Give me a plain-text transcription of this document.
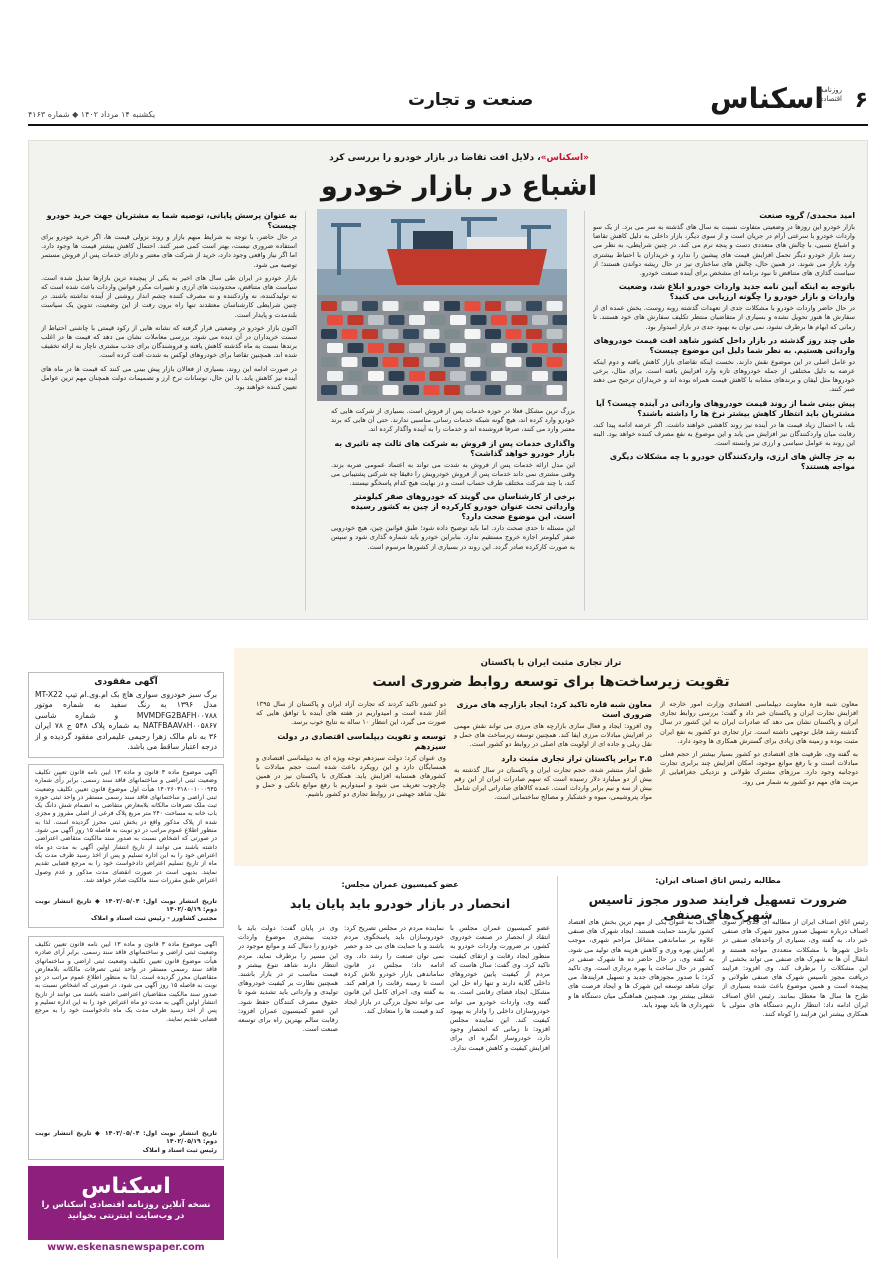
۶
اسکناس
روزنامه اقتصادی
صنعت و تجارت
یکشنبه ۱۴ مرداد ۱۴۰۲ ◆ شماره ۴۱۶۳
«اسکناس»، دلایل افت تقاضا در بازار خودرو را بررسی کرد
اشباع در بازار خودرو
امید محمدی/ گروه صنعت
بازار خودرو این روزها در وضعیتی متفاوت نسبت به سال های گذشته به سر می برد. از یک سو واردات خودرو با سرعتی آرام در جریان است و از سوی دیگر، بازار داخلی به دلیل کاهش تقاضا و اشباع نسبی، با چالش های متعددی دست و پنجه نرم می کند. در چنین شرایطی، به نظر می رسد بازار خودرو دیگر تحمل افزایش قیمت های پیشین را ندارد و خریداران با احتیاط بیشتری وارد بازار می شوند. در همین حال، چالش های ساختاری نیز در حال ریشه دواندن هستند؛ از سیاست گذاری های متناقض تا نبود برنامه ای مشخص برای آینده صنعت خودرو.
باتوجه به اینکه آیین نامه جدید واردات خودرو ابلاغ شد، وضعیت واردات و بازار خودرو را چگونه ارزیابی می کنید؟
در حال حاضر واردات خودرو با مشکلات جدی از تعهدات گذشته روبه روست. بخش عمده ای از سفارش ها هنوز تحویل نشده و بسیاری از متقاضیان منتظر تکلیف سفارش های خود هستند. تا زمانی که ابهام ها برطرف نشود، نمی توان به بهبود جدی در بازار امیدوار بود.
طی چند روز گذشته در بازار داخل کشور شاهد افت قیمت خودروهای وارداتی هستیم. به نظر شما دلیل این موضوع چیست؟
دو عامل اصلی در این موضوع نقش دارند. نخست اینکه تقاضای بازار کاهش یافته و دوم اینکه عرضه به دلیل مختلفی از جمله خودروهای تازه وارد افزایش یافته است. برای مثال، برخی خودروها مثل لیفان و برندهای مشابه با کاهش قیمت همراه بوده اند و خریداران ترجیح می دهند صبر کنند.
پیش بینی شما از روند قیمت خودروهای وارداتی در آینده چیست؟ آیا مشتریان باید انتظار کاهش بیشتر نرخ ها را داشته باشند؟
بله، با احتمال زیاد قیمت ها در آینده نیز روند کاهشی خواهند داشت. اگر عرضه ادامه پیدا کند، رقابت میان واردکنندگان نیز افزایش می یابد و این موضوع به نفع مصرف کننده خواهد بود. البته این روند به عوامل سیاسی و ارزی نیز وابسته است.
به جز چالش های ارزی، واردکنندگان خودرو با چه مشکلات دیگری مواجه هستند؟
بزرگ ترین مشکل فعلا در حوزه خدمات پس از فروش است. بسیاری از شرکت هایی که خودرو وارد کرده اند، هیچ گونه شبکه خدمات رسانی مناسبی ندارند. حتی آن هایی که برند معتبر وارد می کنند، صرفا فروشنده اند و خدمات را به آینده واگذار کرده اند.
واگذاری خدمات پس از فروش به شرکت های ثالث چه تاثیری به بازار خودرو خواهد گذاشت؟
این مدل ارائه خدمات پس از فروش به شدت می تواند به اعتماد عمومی ضربه بزند. وقتی مشتری نمی داند خدمات پس از فروش خودرویش را دقیقا چه شرکتی پشتیبانی می کند، با چند شرکت مختلف طرف حساب است و در نهایت هیچ کدام پاسخگو نیستند.
برخی از کارشناسان می گویند که خودروهای صفر کیلومتر وارداتی تحت عنوان خودرو کارکرده از چین به کشور رسیده است. این موضوع صحت دارد؟
این مسئله تا حدی صحت دارد. اما باید توضیح داده شود؛ طبق قوانین چین، هیچ خودرویی صفر کیلومتر اجازه خروج مستقیم ندارد. بنابراین خودرو باید شماره گذاری شود و سپس به صورت کارکرده صادر گردد. این روند در بسیاری از کشورها مرسوم است.
به عنوان پرسش پایانی، توصیه شما به مشتریان جهت خرید خودرو چیست؟
در حال حاضر، با توجه به شرایط مبهم بازار و روند نزولی قیمت ها، اگر خرید خودرو برای استفاده ضروری نیست، بهتر است کمی صبر کنند. احتمال کاهش بیشتر قیمت ها وجود دارد. اما اگر نیاز واقعی وجود دارد، خرید از شرکت های معتبر و دارای خدمات پس از فروش مستمر توصیه می شود.
بازار خودرو در ایران طی سال های اخیر به یکی از پیچیده ترین بازارها تبدیل شده است. سیاست های متناقض، محدودیت های ارزی و تغییرات مکرر قوانین واردات باعث شده است که نه تولیدکننده، نه واردکننده و نه مصرف کننده چشم انداز روشنی از آینده نداشته باشند. در چنین شرایطی کارشناسان معتقدند تنها راه برون رفت از این وضعیت، تدوین یک سیاست بلندمدت و پایدار است.
اکنون بازار خودرو در وضعیتی قرار گرفته که نشانه هایی از رکود قیمتی با چاشنی احتیاط از سمت خریداران در آن دیده می شود. بررسی معاملات نشان می دهد که قیمت ها در اغلب برندها نسبت به ماه گذشته کاهش یافته و فروشندگان برای جذب مشتری ناچار به ارائه تخفیف شده اند. همچنین تقاضا برای خودروهای لوکس به شدت افت کرده است.
در صورت ادامه این روند، بسیاری از فعالان بازار پیش بینی می کنند که قیمت ها در ماه های آینده نیز کاهش یابد. با این حال، نوسانات نرخ ارز و تصمیمات دولت همچنان مهم ترین عوامل تعیین کننده خواهند بود.
آگهی مفقودی
برگ سبز خودروی سواری هاچ بک ام.وی.ام تیپ MT-X22 مدل ۱۳۹۶ به رنگ سفید به شماره موتور MVMDFG2BAFH۰۰۷۸۸ و شماره شاسی NATFBAAV۸H۰۰۵۸۶۷ به شماره پلاک ۵۴۸ ج ۷۸ ایران ۳۶ به نام مالک زهرا رحیمی علیمرادی مفقود گردیده و از درجه اعتبار ساقط می باشد.
آگهی موضوع ماده ۳ قانون و ماده ۱۳ آیین نامه قانون تعیین تکلیف وضعیت ثبتی اراضی و ساختمانهای فاقد سند رسمی. برابر رأی شماره ۱۴۰۲۶۰۳۱۸۰۰۱۰۰۰۹۴۵ هیأت اول موضوع قانون تعیین تکلیف وضعیت ثبتی اراضی و ساختمانهای فاقد سند رسمی مستقر در واحد ثبتی حوزه ثبت ملک تصرفات مالکانه بلامعارض متقاضی به انضمام شش دانگ یک باب خانه به مساحت ۲۴۰ متر مربع پلاک فرعی از اصلی مفروز و مجزی شده از پلاک مذکور واقع در بخش ثبتی محرز گردیده است. لذا به منظور اطلاع عموم مراتب در دو نوبت به فاصله ۱۵ روز آگهی می شود. در صورتی که اشخاص نسبت به صدور سند مالکیت متقاضی اعتراضی داشته باشند می توانند از تاریخ انتشار اولین آگهی به مدت دو ماه اعتراض خود را به این اداره تسلیم و پس از اخذ رسید ظرف مدت یک ماه از تاریخ تسلیم اعتراض دادخواست خود را به مرجع قضایی تقدیم نمایند. بدیهی است در صورت انقضای مدت مذکور و عدم وصول اعتراض طبق مقررات سند مالکیت صادر خواهد شد.
تاریخ انتشار نوبت اول: ۱۴۰۲/۰۵/۰۴ ◆ تاریخ انتشار نوبت دوم: ۱۴۰۲/۰۵/۱۹
مجتبی کشاورز - رئیس ثبت اسناد و املاک
آگهی موضوع ماده ۳ قانون و ماده ۱۳ آیین نامه قانون تعیین تکلیف وضعیت ثبتی اراضی و ساختمانهای فاقد سند رسمی. برابر آرای صادره هیأت موضوع قانون تعیین تکلیف وضعیت ثبتی اراضی و ساختمانهای فاقد سند رسمی مستقر در واحد ثبتی تصرفات مالکانه بلامعارض متقاضیان محرز گردیده است. لذا به منظور اطلاع عموم مراتب در دو نوبت به فاصله ۱۵ روز آگهی می شود. در صورتی که اشخاص نسبت به صدور سند مالکیت متقاضیان اعتراضی داشته باشند می توانند از تاریخ انتشار اولین آگهی به مدت دو ماه اعتراض خود را به این اداره تسلیم و پس از اخذ رسید ظرف مدت یک ماه دادخواست خود را به مرجع قضایی تقدیم نمایند.
تاریخ انتشار نوبت اول: ۱۴۰۲/۰۵/۰۴ ◆ تاریخ انتشار نوبت دوم: ۱۴۰۲/۰۵/۱۹
رئیس ثبت اسناد و املاک
تراز تجاری مثبت ایران با پاکستان
تقویت زیرساخت‌ها برای توسعه روابط ضروری است
معاون شبه قاره معاونت دیپلماسی اقتصادی وزارت امور خارجه از افزایش تجارت ایران و پاکستان خبر داد و گفت: بررسی روابط تجاری ایران و پاکستان نشان می دهد که صادرات ایران به این کشور در سال گذشته رشد قابل توجهی داشته است. تراز تجاری دو کشور به نفع ایران مثبت بوده و زمینه های زیادی برای گسترش همکاری ها وجود دارد.
به گفته وی، ظرفیت های اقتصادی دو کشور بسیار بیشتر از حجم فعلی مبادلات است و با رفع موانع موجود، امکان افزایش چند برابری تجارت دوجانبه وجود دارد. مرزهای مشترک طولانی و نزدیکی جغرافیایی از مزیت های مهم دو کشور به شمار می رود.
معاون شبه قاره تاکید کرد: ایجاد بازارچه های مرزی ضروری است
وی افزود: ایجاد و فعال سازی بازارچه های مرزی می تواند نقش مهمی در افزایش مبادلات مرزی ایفا کند. همچنین توسعه زیرساخت های حمل و نقل ریلی و جاده ای از اولویت های اصلی در روابط دو کشور است.
۳.۵ برابر پاکستان تراز تجاری مثبت دارد
طبق آمار منتشر شده، حجم تجارت ایران و پاکستان در سال گذشته به بیش از دو میلیارد دلار رسیده است که سهم صادرات ایران از این رقم بیش از سه و نیم برابر واردات است. عمده کالاهای صادراتی ایران شامل مواد پتروشیمی، میوه و خشکبار و مصالح ساختمانی است.
دو کشور تاکید کردند که تجارت آزاد ایران و پاکستان از سال ۱۳۹۵ آغاز شده است و امیدواریم در هفته های آینده با توافق هایی که صورت می گیرد، این انتظار ۱۰ ساله به نتایج خوب برسد.
توسعه و تقویت دیپلماسی اقتصادی در دولت سیزدهم
وی عنوان کرد: دولت سیزدهم توجه ویژه ای به دیپلماسی اقتصادی و همسایگان دارد و این رویکرد باعث شده است حجم مبادلات با کشورهای همسایه افزایش یابد. همکاری با پاکستان نیز در همین چارچوب تعریف می شود و امیدواریم با رفع موانع بانکی و حمل و نقل، شاهد جهشی در روابط تجاری دو کشور باشیم.
مطالبه رئیس اتاق اصناف ایران:
ضرورت تسهیل فرایند صدور مجوز تاسیس شهرک‌های صنفی
رئیس اتاق اصناف ایران از مطالبه ای جدی از سوی اصناف درباره تسهیل صدور مجوز شهرک های صنفی خبر داد. به گفته وی، بسیاری از واحدهای صنفی در داخل شهرها با مشکلات متعددی مواجه هستند و انتقال آن ها به شهرک های صنفی می تواند بخشی از این مشکلات را برطرف کند. وی افزود: فرایند دریافت مجوز تاسیس شهرک های صنفی طولانی و پیچیده است و همین موضوع باعث شده بسیاری از طرح ها سال ها معطل بمانند. رئیس اتاق اصناف ایران ادامه داد: انتظار داریم دستگاه های متولی با همکاری بیشتر این فرایند را کوتاه کنند.
اصناف به عنوان یکی از مهم ترین بخش های اقتصاد کشور نیازمند حمایت هستند. ایجاد شهرک های صنفی علاوه بر ساماندهی مشاغل مزاحم شهری، موجب افزایش بهره وری و کاهش هزینه های تولید می شود. به گفته وی، در حال حاضر ده ها شهرک صنفی در کشور در حال ساخت یا بهره برداری است. وی تاکید کرد: با صدور مجوزهای جدید و تسهیل فرایندها، می توان شاهد توسعه این شهرک ها و ایجاد فرصت های شغلی بیشتر بود. همچنین هماهنگی میان دستگاه ها و شهرداری ها باید بهبود یابد.
عضو کمیسیون عمران مجلس:
انحصار در بازار خودرو باید پایان یابد
عضو کمیسیون عمران مجلس با انتقاد از انحصار در صنعت خودروی کشور، بر ضرورت واردات خودرو به منظور ایجاد رقابت و ارتقای کیفیت تاکید کرد. وی گفت: سال هاست که مردم از کیفیت پایین خودروهای داخلی گلایه دارند و تنها راه حل این مشکل، ایجاد فضای رقابتی است. به گفته وی، واردات خودرو می تواند خودروسازان داخلی را وادار به بهبود کیفیت کند. این نماینده مجلس افزود: تا زمانی که انحصار وجود دارد، خودروساز انگیزه ای برای افزایش کیفیت و کاهش قیمت ندارد.
نماینده مردم در مجلس تصریح کرد: خودروسازان باید پاسخگوی مردم باشند و با حمایت های بی حد و حصر نمی توان صنعت را رشد داد. وی ادامه داد: مجلس در قانون ساماندهی بازار خودرو تلاش کرده است تا زمینه رقابت را فراهم کند. به گفته وی، اجرای کامل این قانون می تواند تحول بزرگی در بازار ایجاد کند و قیمت ها را متعادل کند.
وی در پایان گفت: دولت باید با جدیت بیشتری موضوع واردات خودرو را دنبال کند و موانع موجود در این مسیر را برطرف نماید. مردم انتظار دارند شاهد تنوع بیشتر و قیمت مناسب تر در بازار باشند. همچنین نظارت بر کیفیت خودروهای تولیدی و وارداتی باید تشدید شود تا حقوق مصرف کنندگان حفظ شود. این عضو کمیسیون عمران افزود: رقابت سالم بهترین راه برای توسعه صنعت است.
اسکناس
نسخه آنلاین روزنامه اقتصادی اسکناس را
در وب‌سایت اینترنتی بخوانید
www.eskenasnewspaper.com
